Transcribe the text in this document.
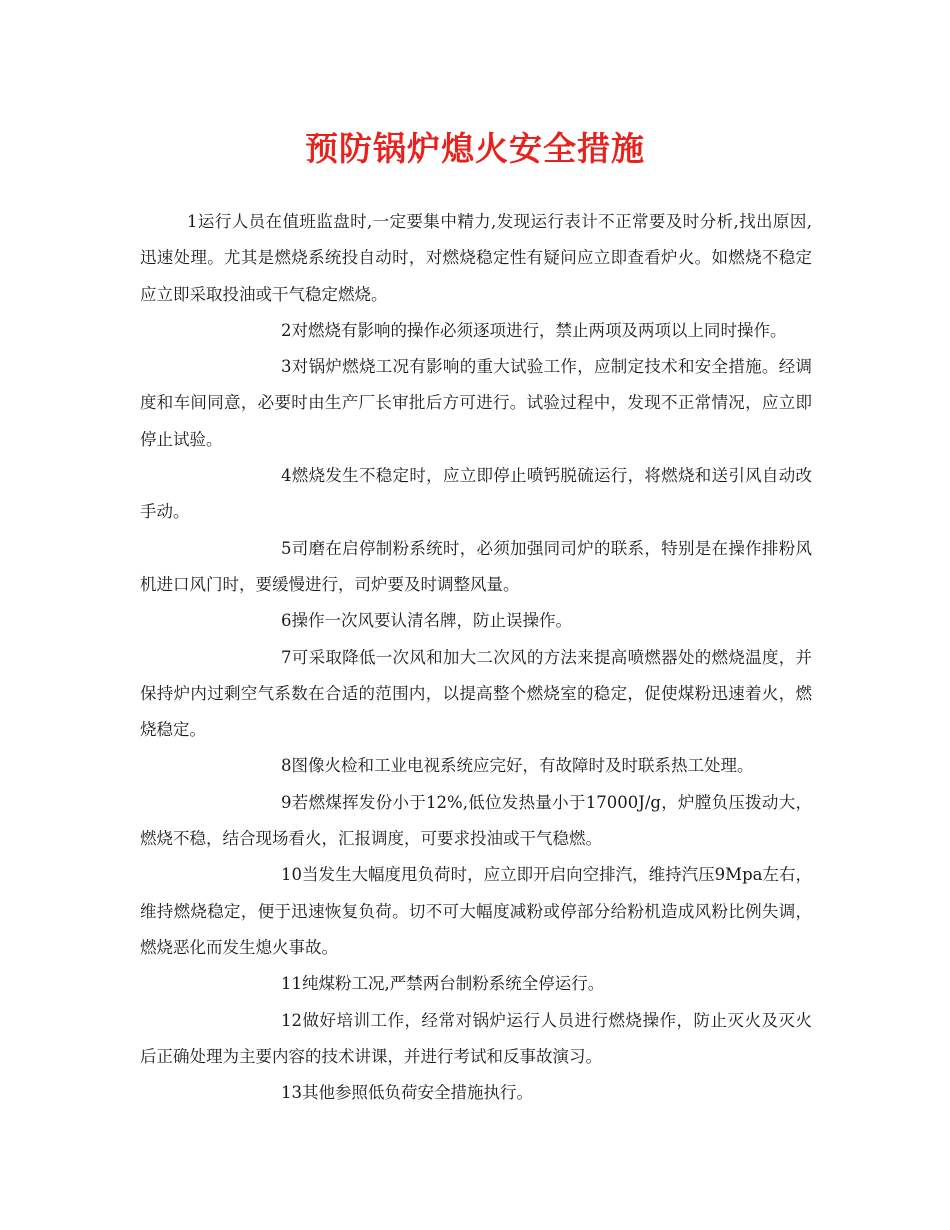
预防锅炉熄火安全措施

1运行人员在值班监盘时,一定要集中精力,发现运行表计不正常要及时分析,找出原因,迅速处理。尤其是燃烧系统投自动时，对燃烧稳定性有疑问应立即查看炉火。如燃烧不稳定应立即采取投油或干气稳定燃烧。

2对燃烧有影响的操作必须逐项进行，禁止两项及两项以上同时操作。

3对锅炉燃烧工况有影响的重大试验工作，应制定技术和安全措施。经调度和车间同意，必要时由生产厂长审批后方可进行。试验过程中，发现不正常情况，应立即停止试验。

4燃烧发生不稳定时，应立即停止喷钙脱硫运行，将燃烧和送引风自动改手动。

5司磨在启停制粉系统时，必须加强同司炉的联系，特别是在操作排粉风机进口风门时，要缓慢进行，司炉要及时调整风量。

6操作一次风要认清名牌，防止误操作。

7可采取降低一次风和加大二次风的方法来提高喷燃器处的燃烧温度，并保持炉内过剩空气系数在合适的范围内，以提高整个燃烧室的稳定，促使煤粉迅速着火，燃烧稳定。

8图像火检和工业电视系统应完好，有故障时及时联系热工处理。

9若燃煤挥发份小于12%,低位发热量小于17000J/g，炉膛负压拨动大，燃烧不稳，结合现场看火，汇报调度，可要求投油或干气稳燃。

10当发生大幅度甩负荷时，应立即开启向空排汽，维持汽压9Mpa左右，维持燃烧稳定，便于迅速恢复负荷。切不可大幅度减粉或停部分给粉机造成风粉比例失调，燃烧恶化而发生熄火事故。

11纯煤粉工况,严禁两台制粉系统全停运行。

12做好培训工作，经常对锅炉运行人员进行燃烧操作，防止灭火及灭火后正确处理为主要内容的技术讲课，并进行考试和反事故演习。

13其他参照低负荷安全措施执行。
